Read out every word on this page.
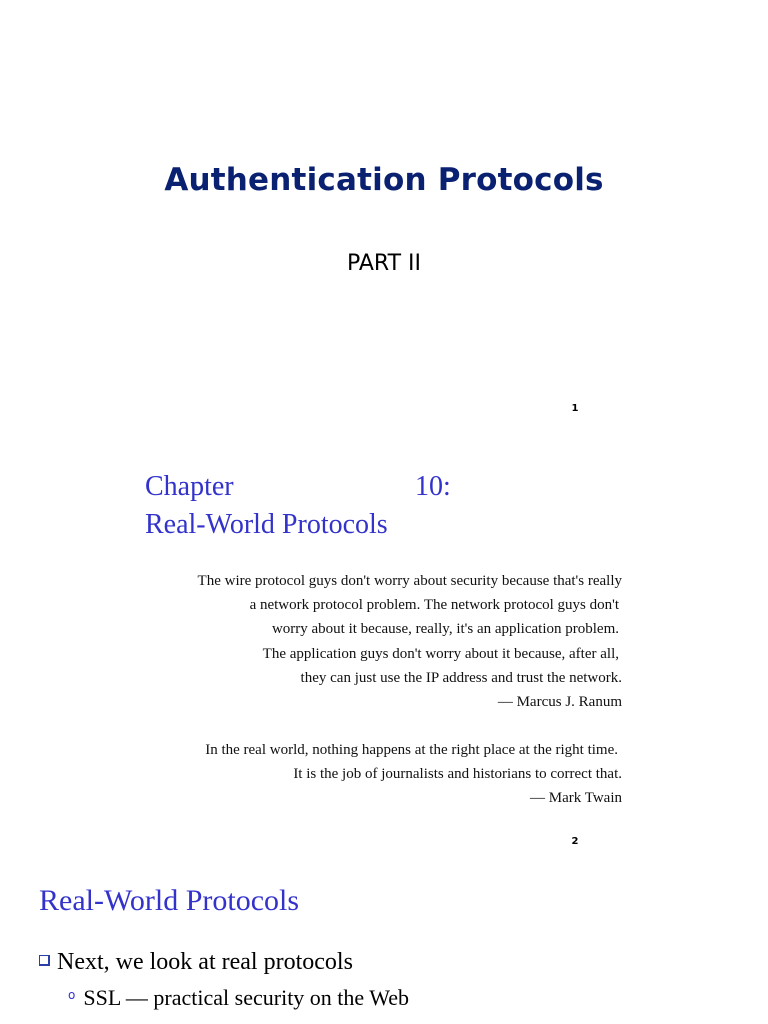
Authentication Protocols
PART II
1
Chapter	10:
Real-World Protocols
The wire protocol guys don't worry about security because that's really
a network protocol problem. The network protocol guys don't
worry about it because, really, it's an application problem.
The application guys don't worry about it because, after all,
they can just use the IP address and trust the network.
— Marcus J. Ranum
In the real world, nothing happens at the right place at the right time.
It is the job of journalists and historians to correct that.
— Mark Twain
2
Real-World Protocols
Next, we look at real protocols
o SSL — practical security on the Web
